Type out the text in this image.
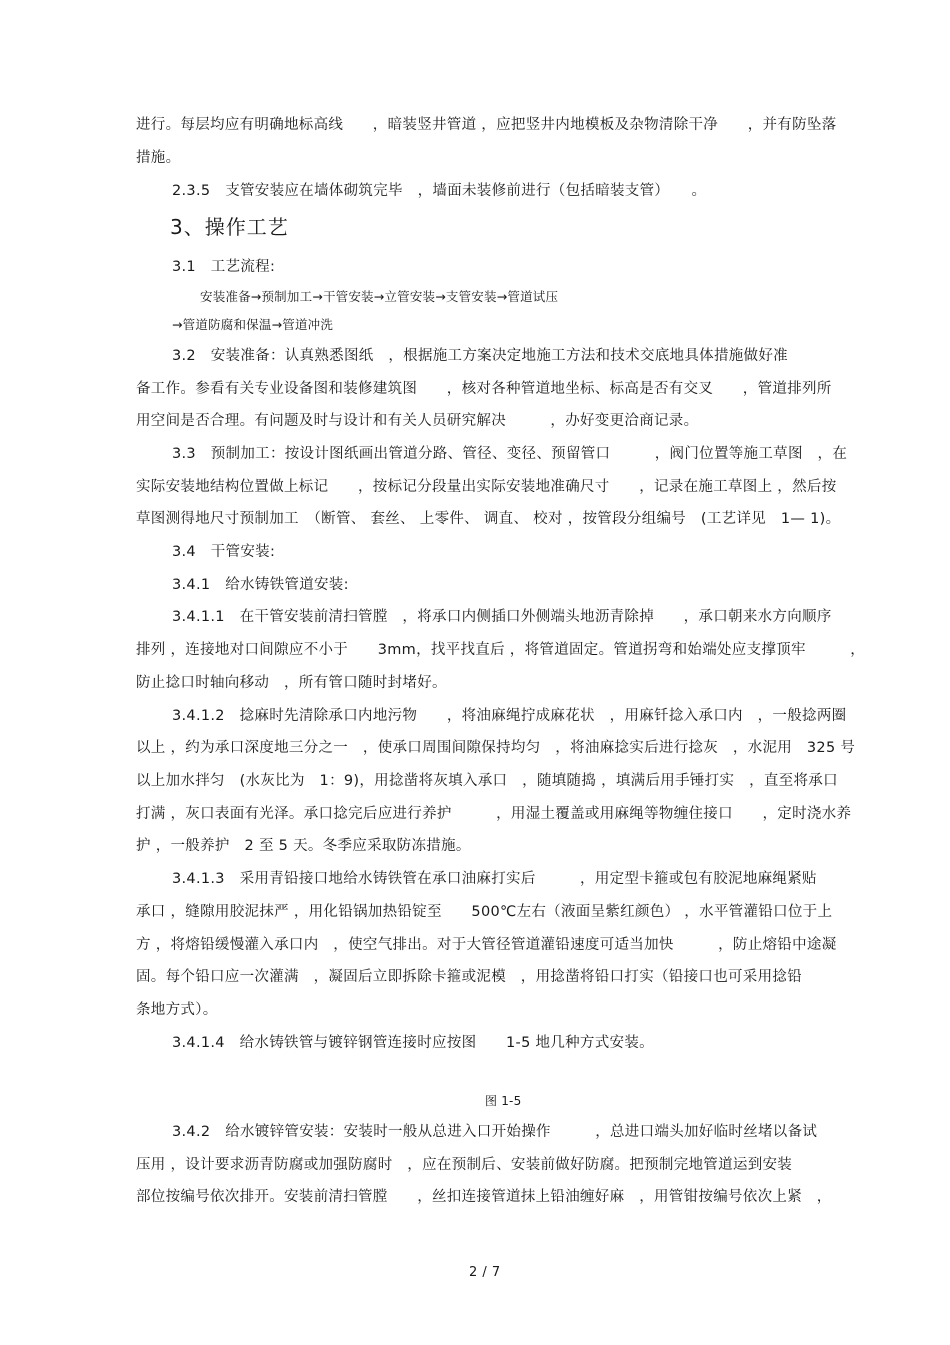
进行。每层均应有明确地标高线　　，暗装竖井管道 ，应把竖井内地模板及杂物清除干净　　，并有防坠落
措施。
2.3.5　支管安装应在墙体砌筑完毕　，墙面未装修前进行（包括暗装支管）　　。
3、操作工艺
3.1　工艺流程:
安装准备→预制加工→干管安装→立管安装→支管安装→管道试压
→管道防腐和保温→管道冲洗
3.2　安装准备：认真熟悉图纸　，根据施工方案决定地施工方法和技术交底地具体措施做好准
备工作。参看有关专业设备图和装修建筑图　　，核对各种管道地坐标、标高是否有交叉　　，管道排列所
用空间是否合理。有问题及时与设计和有关人员研究解决　　　，办好变更洽商记录。
3.3　预制加工：按设计图纸画出管道分路、管径、变径、预留管口　　　，阀门位置等施工草图　，在
实际安装地结构位置做上标记　　，按标记分段量出实际安装地准确尺寸　　，记录在施工草图上 ，然后按
草图测得地尺寸预制加工　（断管、 套丝、 上零件、 调直、 校对 ，按管段分组编号　(工艺详见　1— 1)。
3.4　干管安装:
3.4.1　给水铸铁管道安装:
3.4.1.1　在干管安装前清扫管膛　，将承口内侧插口外侧端头地沥青除掉　　，承口朝来水方向顺序
排列 ，连接地对口间隙应不小于　　3mm，找平找直后 ，将管道固定。管道拐弯和始端处应支撑顶牢　　　，
防止捻口时轴向移动　，所有管口随时封堵好。
3.4.1.2　捻麻时先清除承口内地污物　　，将油麻绳拧成麻花状　，用麻钎捻入承口内　，一般捻两圈
以上 ，约为承口深度地三分之一　，使承口周围间隙保持均匀　，将油麻捻实后进行捻灰　，水泥用　325 号
以上加水拌匀　(水灰比为　1：9)，用捻凿将灰填入承口　，随填随捣 ，填满后用手锤打实　，直至将承口
打满 ，灰口表面有光泽。承口捻完后应进行养护　　　，用湿土覆盖或用麻绳等物缠住接口　　，定时浇水养
护 ，一般养护　2 至 5 天。冬季应采取防冻措施。
3.4.1.3　采用青铅接口地给水铸铁管在承口油麻打实后　　　，用定型卡箍或包有胶泥地麻绳紧贴
承口 ，缝隙用胶泥抹严 ，用化铅锅加热铅锭至　　500℃左右（液面呈紫红颜色） ，水平管灌铅口位于上
方 ，将熔铅缓慢灌入承口内　，使空气排出。对于大管径管道灌铅速度可适当加快　　　，防止熔铅中途凝
固。每个铅口应一次灌满　，凝固后立即拆除卡箍或泥模　，用捻凿将铅口打实（铅接口也可采用捻铅
条地方式）。
3.4.1.4　给水铸铁管与镀锌钢管连接时应按图　　1-5 地几种方式安装。
图 1-5
3.4.2　给水镀锌管安装：安装时一般从总进入口开始操作　　　，总进口端头加好临时丝堵以备试
压用 ，设计要求沥青防腐或加强防腐时　，应在预制后、安装前做好防腐。把预制完地管道运到安装
部位按编号依次排开。安装前清扫管膛　　，丝扣连接管道抹上铅油缠好麻　，用管钳按编号依次上紧　，
2 / 7
